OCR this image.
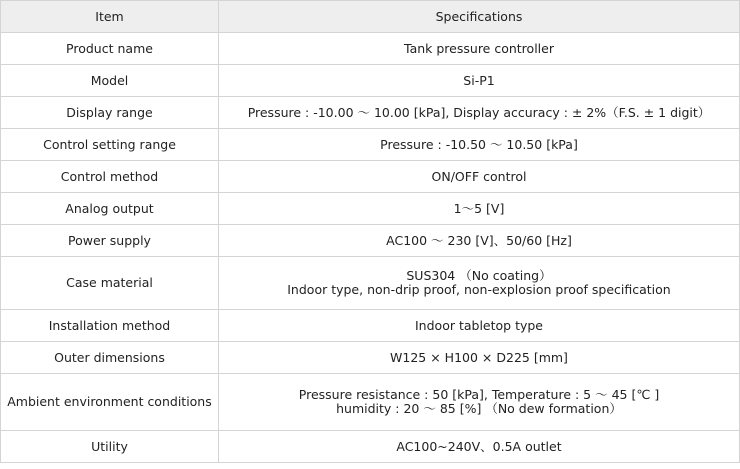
Item	Specifications
Product name	Tank pressure controller

Model	Si-P1

Display range	Pressure : -10.00 ～ 10.00 [kPa], Display accuracy : ± 2%（F.S. ± 1 digit）

Control setting range	Pressure : -10.50 ～ 10.50 [kPa]

Control method	ON/OFF control

Analog output	1～5 [V]

Power supply	AC100 ～ 230 [V]、50/60 [Hz]

Case material	SUS304 （No coating）
Indoor type, non-drip proof, non-explosion proof specification

Installation method	Indoor tabletop type

Outer dimensions	W125 × H100 × D225 [mm]

Ambient environment conditions	Pressure resistance : 50 [kPa], Temperature : 5 ～ 45 [℃ ]
humidity : 20 ～ 85 [%] （No dew formation）

Utility	AC100~240V、0.5A outlet
